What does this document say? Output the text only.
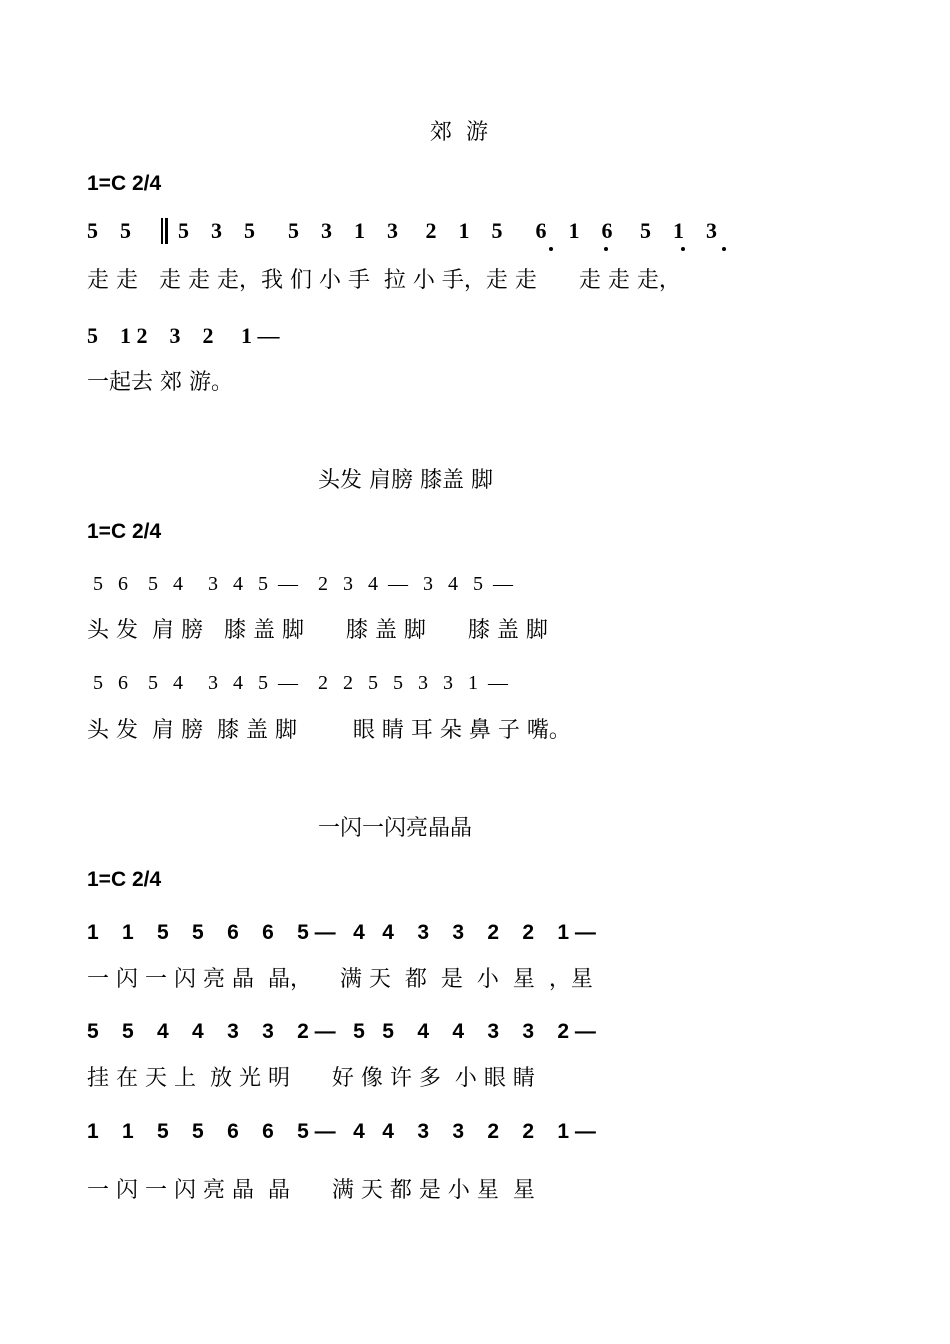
郊  游
1=C 2/4
5    5 5    3    5      5    3    1    3     2    1    5      6    1    6     5    1    3
走 走   走 走 走，我 们 小 手  拉 小 手，走 走      走 走 走，
5    1 2    3    2     1 —
一起去 郊 游。
头发 肩膀 膝盖 脚
1=C 2/4
5   6    5   4     3   4   5  —    2   3   4  —   3   4   5  —
头 发  肩 膀   膝 盖 脚      膝 盖 脚      膝 盖 脚
5   6    5   4     3   4   5  —    2   2   5   5   3   3   1  —
头 发  肩 膀  膝 盖 脚        眼 睛 耳 朵 鼻 子 嘴。
一闪一闪亮晶晶
1=C 2/4
1    1    5    5    6    6    5 —   4   4    3    3    2    2    1 —
一 闪 一 闪 亮 晶  晶，    满 天  都  是  小  星  ，星
5    5    4    4    3    3    2 —   5   5    4    4    3    3    2 —
挂 在 天 上  放 光 明      好 像 许 多  小 眼 睛
1    1    5    5    6    6    5 —   4   4    3    3    2    2    1 —
一 闪 一 闪 亮 晶  晶      满 天 都 是 小 星  星
